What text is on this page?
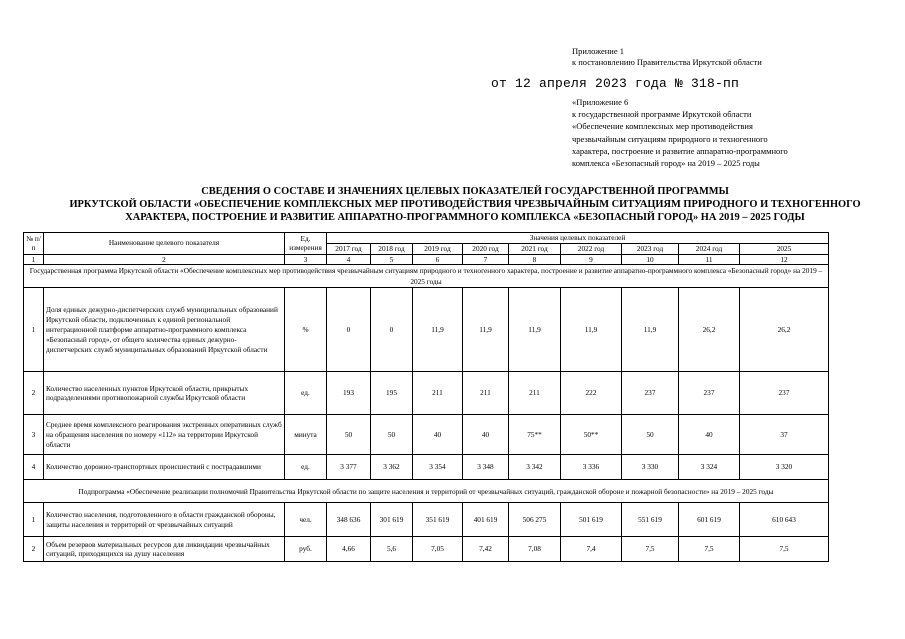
Приложение 1
к постановлению Правительства Иркутской области
от 12 апреля 2023 года № 318-пп
«Приложение 6
к государственной программе Иркутской области
«Обеспечение комплексных мер противодействия
чрезвычайным ситуациям природного и техногенного
характера, построение и развитие аппаратно-программного
комплекса «Безопасный город» на 2019 – 2025 годы
СВЕДЕНИЯ О СОСТАВЕ И ЗНАЧЕНИЯХ ЦЕЛЕВЫХ ПОКАЗАТЕЛЕЙ ГОСУДАРСТВЕННОЙ ПРОГРАММЫ
ИРКУТСКОЙ ОБЛАСТИ «ОБЕСПЕЧЕНИЕ КОМПЛЕКСНЫХ МЕР ПРОТИВОДЕЙСТВИЯ ЧРЕЗВЫЧАЙНЫМ СИТУАЦИЯМ ПРИРОДНОГО И ТЕХНОГЕННОГО
ХАРАКТЕРА, ПОСТРОЕНИЕ И РАЗВИТИЕ АППАРАТНО-ПРОГРАММНОГО КОМПЛЕКСА «БЕЗОПАСНЫЙ ГОРОД» НА 2019 – 2025 ГОДЫ
№ п/п	Наименование целевого показателя	Ед. измерения	Значения целевых показателей								
			2017 год	2018 год	2019 год	2020 год	2021 год	2022 год	2023 год	2024 год	2025
1	2	3	4	5	6	7	8	9	10	11	12
Государственная программа Иркутской области «Обеспечение комплексных мер противодействия чрезвычайным ситуациям природного и техногенного характера, построение и развитие аппаратно-программного комплекса «Безопасный город» на 2019 – 2025 годы											
1	Доля единых дежурно-диспетчерских служб муниципальных образований Иркутской области, подключенных к единой региональной интеграционной платформе аппаратно-программного комплекса «Безопасный город», от общего количества единых дежурно-диспетчерских служб муниципальных образований Иркутской области	%	0	0	11,9	11,9	11,9	11,9	11,9	26,2	26,2
2	Количество населенных пунктов Иркутской области, прикрытых подразделениями противопожарной службы Иркутской области	ед.	193	195	211	211	211	222	237	237	237
3	Среднее время комплексного реагирования экстренных оперативных служб на обращения населения по номеру «112» на территории Иркутской области	минута	50	50	40	40	75**	50**	50	40	37
4	Количество дорожно-транспортных происшествий с пострадавшими	ед.	3 377	3 362	3 354	3 348	3 342	3 336	3 330	3 324	3 320
Подпрограмма «Обеспечение реализации полномочий Правительства Иркутской области по защите населения и территорий от чрезвычайных ситуаций, гражданской обороне и пожарной безопасности» на 2019 – 2025 годы											
1	Количество населения, подготовленного в области гражданской обороны, защиты населения и территорий от чрезвычайных ситуаций	чел.	348 636	301 619	351 619	401 619	506 275	501 619	551 619	601 619	610 643
2	Объем резервов материальных ресурсов для ликвидации чрезвычайных ситуаций, приходящихся на душу населения	руб.	4,66	5,6	7,05	7,42	7,08	7,4	7,5	7,5	7,5
